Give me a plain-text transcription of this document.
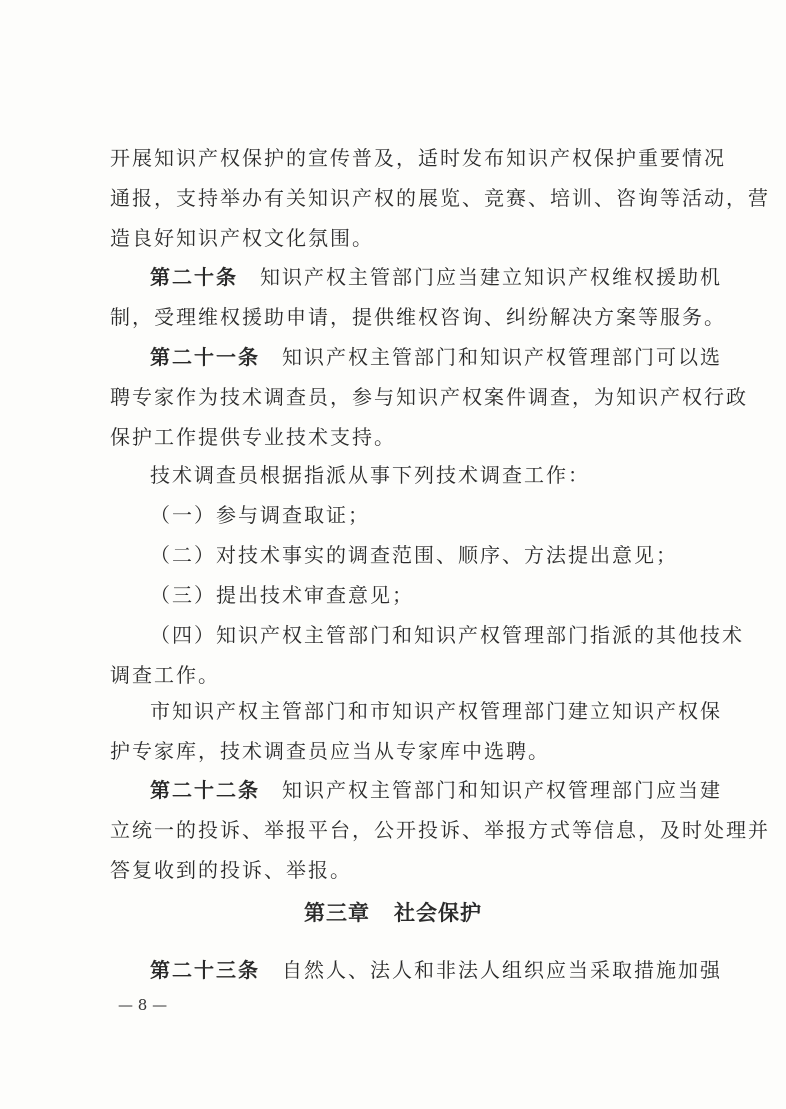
开展知识产权保护的宣传普及，适时发布知识产权保护重要情况
通报，支持举办有关知识产权的展览、竞赛、培训、咨询等活动，营
造良好知识产权文化氛围。

第二十条 知识产权主管部门应当建立知识产权维权援助机
制，受理维权援助申请，提供维权咨询、纠纷解决方案等服务。

第二十一条 知识产权主管部门和知识产权管理部门可以选
聘专家作为技术调查员，参与知识产权案件调查，为知识产权行政
保护工作提供专业技术支持。

技术调查员根据指派从事下列技术调查工作：
（一）参与调查取证；
（二）对技术事实的调查范围、顺序、方法提出意见；
（三）提出技术审查意见；
（四）知识产权主管部门和知识产权管理部门指派的其他技术
调查工作。

市知识产权主管部门和市知识产权管理部门建立知识产权保
护专家库，技术调查员应当从专家库中选聘。

第二十二条 知识产权主管部门和知识产权管理部门应当建
立统一的投诉、举报平台，公开投诉、举报方式等信息，及时处理并
答复收到的投诉、举报。

第三章 社会保护

第二十三条 自然人、法人和非法人组织应当采取措施加强

— 8 —
